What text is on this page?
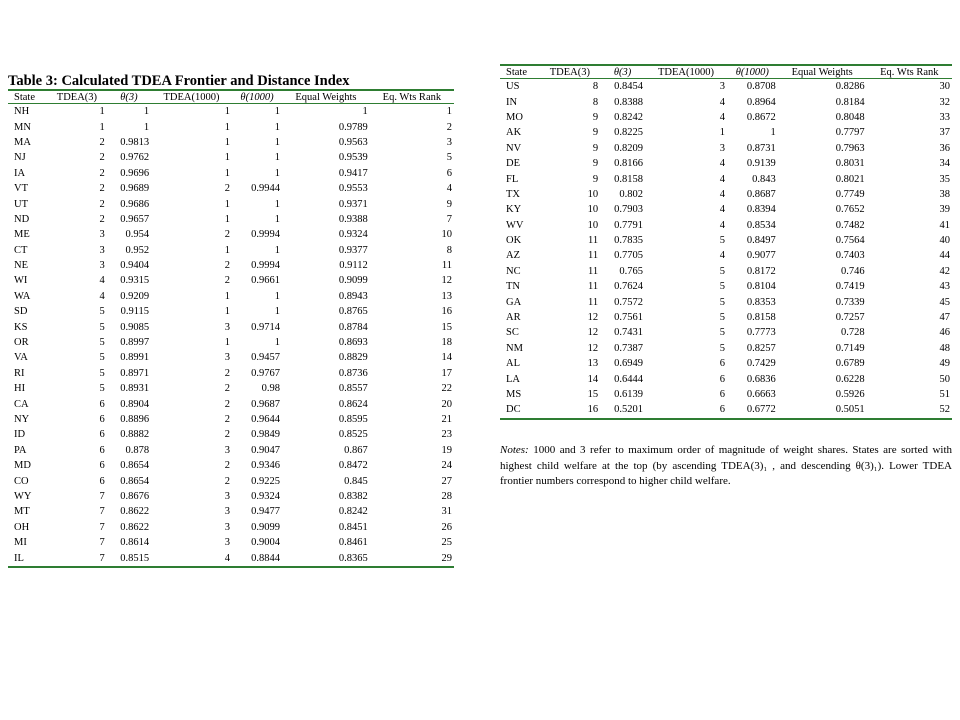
Table 3: Calculated TDEA Frontier and Distance Index
State	TDEA(3)	θ(3)	TDEA(1000)	θ(1000)	Equal Weights	Eq. Wts Rank
NH	1	1	1	1	1	1
MN	1	1	1	1	0.9789	2
MA	2	0.9813	1	1	0.9563	3
NJ	2	0.9762	1	1	0.9539	5
IA	2	0.9696	1	1	0.9417	6
VT	2	0.9689	2	0.9944	0.9553	4
UT	2	0.9686	1	1	0.9371	9
ND	2	0.9657	1	1	0.9388	7
ME	3	0.954	2	0.9994	0.9324	10
CT	3	0.952	1	1	0.9377	8
NE	3	0.9404	2	0.9994	0.9112	11
WI	4	0.9315	2	0.9661	0.9099	12
WA	4	0.9209	1	1	0.8943	13
SD	5	0.9115	1	1	0.8765	16
KS	5	0.9085	3	0.9714	0.8784	15
OR	5	0.8997	1	1	0.8693	18
VA	5	0.8991	3	0.9457	0.8829	14
RI	5	0.8971	2	0.9767	0.8736	17
HI	5	0.8931	2	0.98	0.8557	22
CA	6	0.8904	2	0.9687	0.8624	20
NY	6	0.8896	2	0.9644	0.8595	21
ID	6	0.8882	2	0.9849	0.8525	23
PA	6	0.878	3	0.9047	0.867	19
MD	6	0.8654	2	0.9346	0.8472	24
CO	6	0.8654	2	0.9225	0.845	27
WY	7	0.8676	3	0.9324	0.8382	28
MT	7	0.8622	3	0.9477	0.8242	31
OH	7	0.8622	3	0.9099	0.8451	26
MI	7	0.8614	3	0.9004	0.8461	25
IL	7	0.8515	4	0.8844	0.8365	29
State	TDEA(3)	θ(3)	TDEA(1000)	θ(1000)	Equal Weights	Eq. Wts Rank
US	8	0.8454	3	0.8708	0.8286	30
IN	8	0.8388	4	0.8964	0.8184	32
MO	9	0.8242	4	0.8672	0.8048	33
AK	9	0.8225	1	1	0.7797	37
NV	9	0.8209	3	0.8731	0.7963	36
DE	9	0.8166	4	0.9139	0.8031	34
FL	9	0.8158	4	0.843	0.8021	35
TX	10	0.802	4	0.8687	0.7749	38
KY	10	0.7903	4	0.8394	0.7652	39
WV	10	0.7791	4	0.8534	0.7482	41
OK	11	0.7835	5	0.8497	0.7564	40
AZ	11	0.7705	4	0.9077	0.7403	44
NC	11	0.765	5	0.8172	0.746	42
TN	11	0.7624	5	0.8104	0.7419	43
GA	11	0.7572	5	0.8353	0.7339	45
AR	12	0.7561	5	0.8158	0.7257	47
SC	12	0.7431	5	0.7773	0.728	46
NM	12	0.7387	5	0.8257	0.7149	48
AL	13	0.6949	6	0.7429	0.6789	49
LA	14	0.6444	6	0.6836	0.6228	50
MS	15	0.6139	6	0.6663	0.5926	51
DC	16	0.5201	6	0.6772	0.5051	52
Notes: 1000 and 3 refer to maximum order of magnitude of weight shares. States are sorted with highest child welfare at the top (by ascending TDEA(3)₁ , and descending θ(3)₁). Lower TDEA frontier numbers correspond to higher child welfare.
